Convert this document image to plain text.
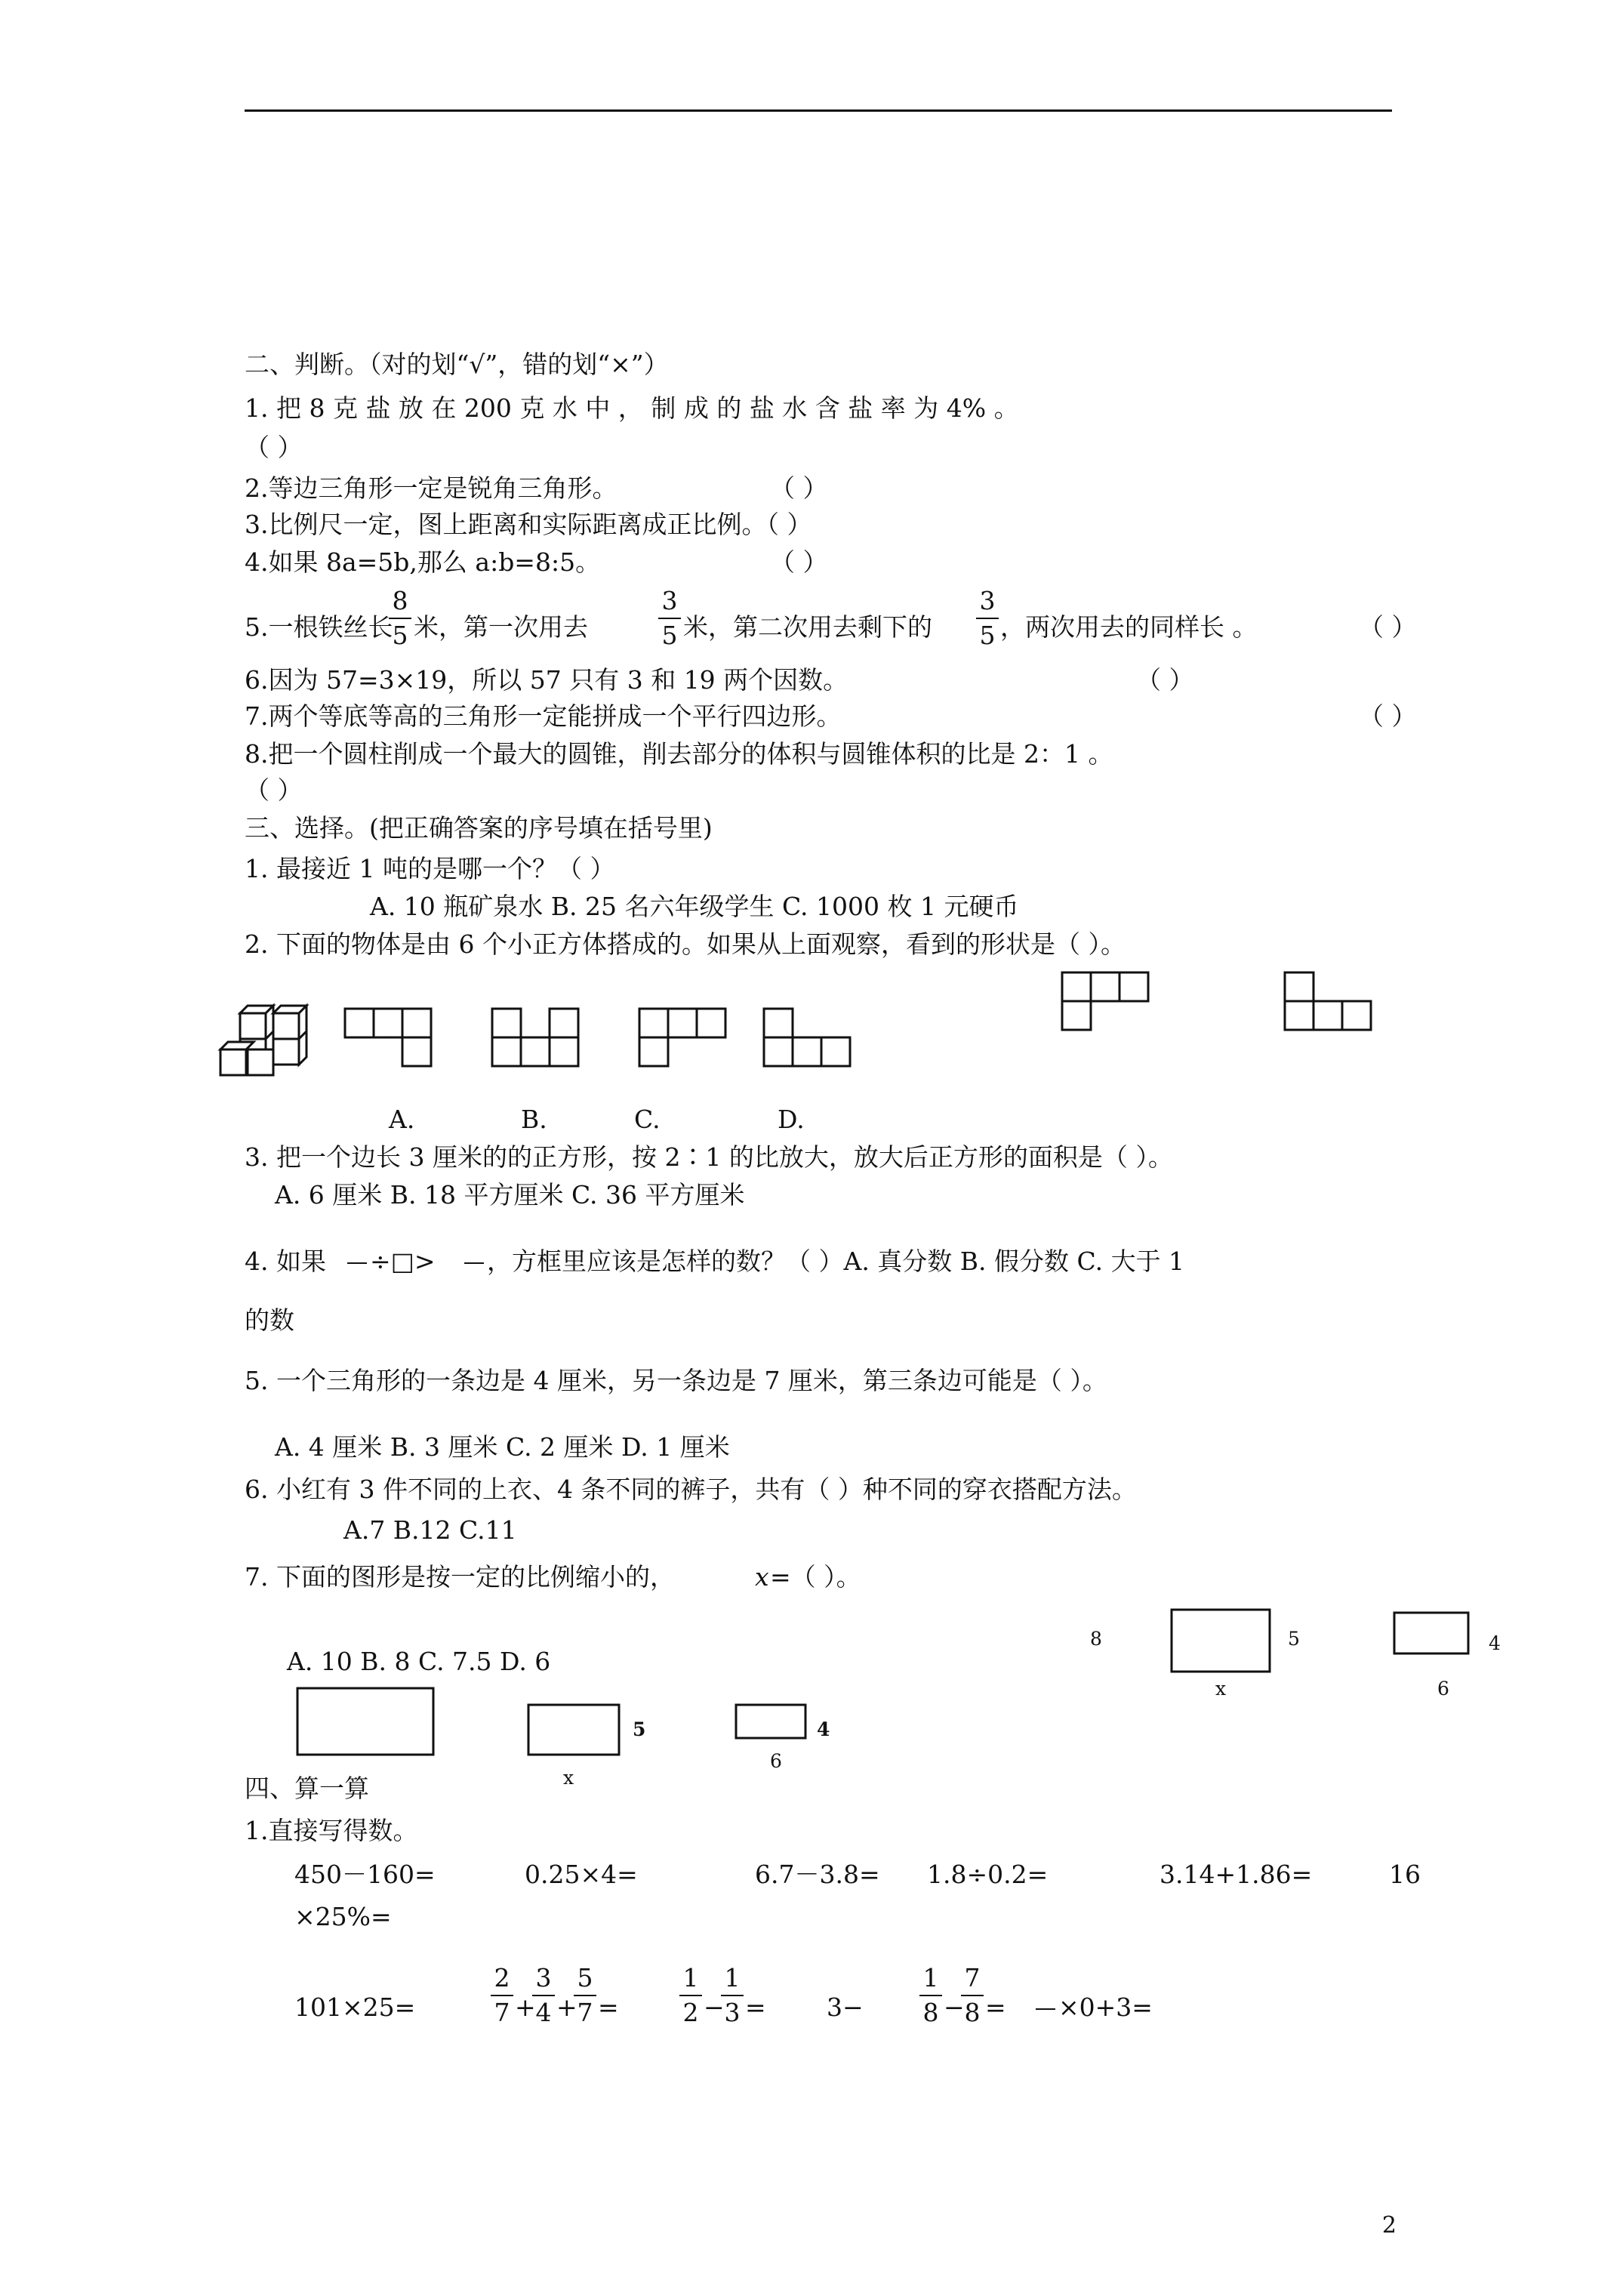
二、判断。（对的划“√”，错的划“×”）
1. 把 8 克 盐 放 在 200 克 水 中 ， 制 成 的 盐 水 含 盐 率 为 4% 。
（ ）
2.等边三角形一定是锐角三角形。	（ ）
3.比例尺一定，图上距离和实际距离成正比例。（ ）
4.如果 8a=5b,那么 a:b=8:5。	（ ）
5.一根铁丝长
$\frac{8}{5}$ 米，第一次用去	$\frac{3}{5}$ 米，第二次用去剩下的 $\frac{3}{5}$ ，两次用去的同样长 。	（ ）
6.因为 57=3×19，所以 57 只有 3 和 19 两个因数。	（ ）
7.两个等底等高的三角形一定能拼成一个平行四边形。	（ ）
8.把一个圆柱削成一个最大的圆锥，削去部分的体积与圆锥体积的比是 2：1 。
（ ）
三、选择。(把正确答案的序号填在括号里)
1. 最接近 1 吨的是哪一个？（ ）
A. 10 瓶矿泉水 B. 25 名六年级学生 C. 1000 枚 1 元硬币
2. 下面的物体是由 6 个小正方体搭成的。如果从上面观察，看到的形状是（ ）。
A.	B.	C.	D.
3. 把一个边长 3 厘米的的正方形，按 2∶1 的比放大，放大后正方形的面积是（ ）。
A. 6 厘米 B. 18 平方厘米 C. 36 平方厘米
4. 如果 ÷□> ，方框里应该是怎样的数？（ ）A. 真分数 B. 假分数 C. 大于 1
的数
5. 一个三角形的一条边是 4 厘米，另一条边是 7 厘米，第三条边可能是（ ）。
A. 4 厘米 B. 3 厘米 C. 2 厘米 D. 1 厘米
6. 小红有 3 件不同的上衣、4 条不同的裤子，共有（ ）种不同的穿衣搭配方法。
A.7 B.12 C.11
7. 下面的图形是按一定的比例缩小的，	x =（ ）。
A. 10 B. 8 C. 7.5 D. 6
8	5
x
4
6
5
x
4
6
四、算一算
1.直接写得数。
450－160=	0.25×4=	6.7－3.8= 1.8÷0.2=	3.14+1.86=	16
×25%=
101×25=	$\frac{2}{7}$ +
$\frac{3}{4}$ +
$\frac{5}{7} = \frac{1}{2}$ −
$\frac{1}{3} = 3- \frac{1}{8}$ −
$\frac{7}{8} = \times 0+3=$
2
